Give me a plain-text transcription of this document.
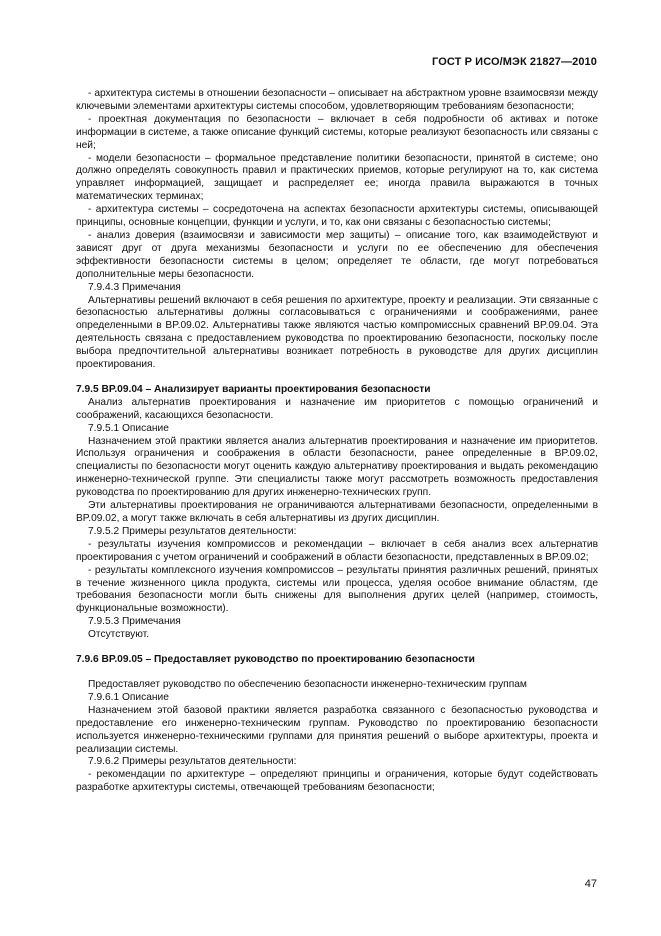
ГОСТ Р ИСО/МЭК 21827—2010

- архитектура системы в отношении безопасности – описывает на абстрактном уровне взаимосвязи между ключевыми элементами архитектуры системы способом, удовлетворяющим требованиям безопасности;

- проектная документация по безопасности – включает в себя подробности об активах и потоке информации в системе, а также описание функций системы, которые реализуют безопасность или связаны с ней;

- модели безопасности – формальное представление политики безопасности, принятой в системе; оно должно определять совокупность правил и практических приемов, которые регулируют на то, как система управляет информацией, защищает и распределяет ее; иногда правила выражаются в точных математических терминах;

- архитектура системы – сосредоточена на аспектах безопасности архитектуры системы, описывающей принципы, основные концепции, функции и услуги, и то, как они связаны с безопасностью системы;

- анализ доверия (взаимосвязи и зависимости мер защиты) – описание того, как взаимодействуют и зависят друг от друга механизмы безопасности и услуги по ее обеспечению для обеспечения эффективности безопасности системы в целом; определяет те области, где могут потребоваться дополнительные меры безопасности.

7.9.4.3 Примечания

Альтернативы решений включают в себя решения по архитектуре, проекту и реализации. Эти связанные с безопасностью альтернативы должны согласовываться с ограничениями и соображениями, ранее определенными в BP.09.02. Альтернативы также являются частью компромиссных сравнений BP.09.04. Эта деятельность связана с предоставлением руководства по проектированию безопасности, поскольку после выбора предпочтительной альтернативы возникает потребность в руководстве для других дисциплин проектирования.

7.9.5 BP.09.04 – Анализирует варианты проектирования безопасности

Анализ альтернатив проектирования и назначение им приоритетов с помощью ограничений и соображений, касающихся безопасности.

7.9.5.1 Описание

Назначением этой практики является анализ альтернатив проектирования и назначение им приоритетов. Используя ограничения и соображения в области безопасности, ранее определенные в BP.09.02, специалисты по безопасности могут оценить каждую альтернативу проектирования и выдать рекомендацию инженерно-технической группе. Эти специалисты также могут рассмотреть возможность предоставления руководства по проектированию для других инженерно-технических групп.

Эти альтернативы проектирования не ограничиваются альтернативами безопасности, определенными в BP.09.02, а могут также включать в себя альтернативы из других дисциплин.

7.9.5.2 Примеры результатов деятельности:

- результаты изучения компромиссов и рекомендации – включает в себя анализ всех альтернатив проектирования с учетом ограничений и соображений в области безопасности, представленных в BP.09.02;

- результаты комплексного изучения компромиссов – результаты принятия различных решений, принятых в течение жизненного цикла продукта, системы или процесса, уделяя особое внимание областям, где требования безопасности могли быть снижены для выполнения других целей (например, стоимость, функциональные возможности).

7.9.5.3 Примечания

Отсутствуют.

7.9.6 BP.09.05 – Предоставляет руководство по проектированию безопасности

Предоставляет руководство по обеспечению безопасности инженерно-техническим группам

7.9.6.1 Описание

Назначением этой базовой практики является разработка связанного с безопасностью руководства и предоставление его инженерно-техническим группам. Руководство по проектированию безопасности используется инженерно-техническими группами для принятия решений о выборе архитектуры, проекта и реализации системы.

7.9.6.2 Примеры результатов деятельности:

- рекомендации по архитектуре – определяют принципы и ограничения, которые будут содействовать разработке архитектуры системы, отвечающей требованиям безопасности;

47
